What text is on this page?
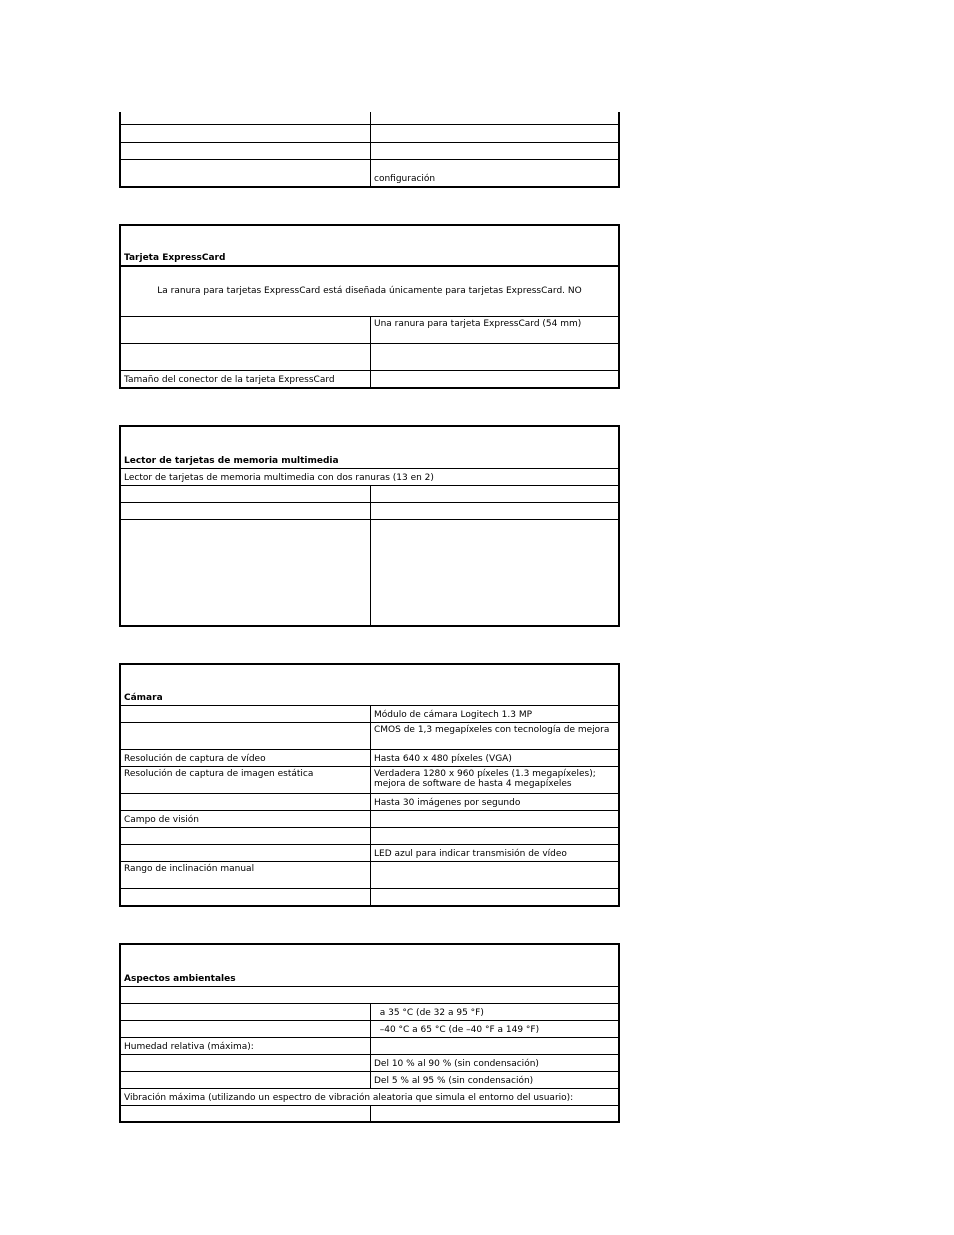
configuración
Tarjeta ExpressCard
La ranura para tarjetas ExpressCard está diseñada únicamente para tarjetas ExpressCard. NO
Una ranura para tarjeta ExpressCard (54 mm)
Tamaño del conector de la tarjeta ExpressCard
Lector de tarjetas de memoria multimedia
Lector de tarjetas de memoria multimedia con dos ranuras (13 en 2)
Cámara
Módulo de cámara Logitech 1.3 MP
CMOS de 1,3 megapíxeles con tecnología de mejora
Resolución de captura de vídeo	Hasta 640 x 480 píxeles (VGA)
Resolución de captura de imagen estática	Verdadera 1280 x 960 píxeles (1.3 megapíxeles); mejora de software de hasta 4 megapíxeles
Hasta 30 imágenes por segundo
Campo de visión
LED azul para indicar transmisión de vídeo
Rango de inclinación manual
Aspectos ambientales
a 35 °C (de 32 a 95 °F)
–40 °C a 65 °C (de –40 °F a 149 °F)
Humedad relativa (máxima):
Del 10 % al 90 % (sin condensación)
Del 5 % al 95 % (sin condensación)
Vibración máxima (utilizando un espectro de vibración aleatoria que simula el entorno del usuario):
